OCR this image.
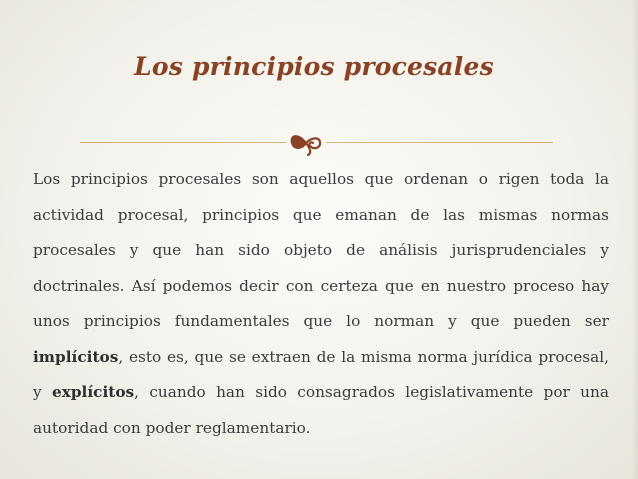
Los principios procesales

Los principios procesales son aquellos que ordenan o rigen toda la actividad procesal, principios que emanan de las mismas normas procesales y que han sido objeto de análisis jurisprudenciales y doctrinales. Así podemos decir con certeza que en nuestro proceso hay unos principios fundamentales que lo norman y que pueden ser implícitos, esto es, que se extraen de la misma norma jurídica procesal, y explícitos, cuando han sido consagrados legislativamente por una autoridad con poder reglamentario.
